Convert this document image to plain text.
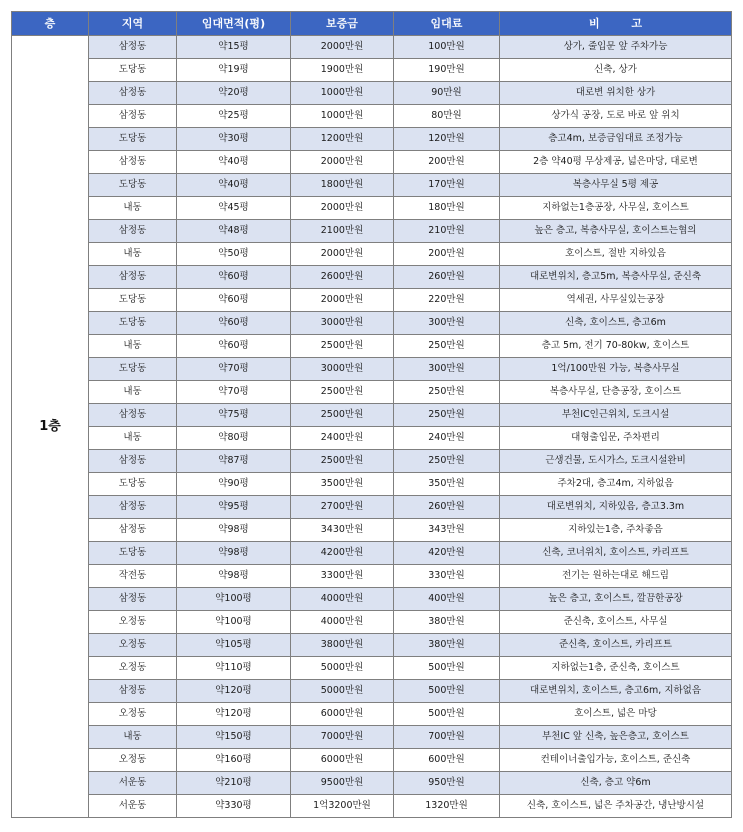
층	지역	임대면적(평)	보증금	임대료	비 고
1층	삼정동	약15평	2000만원	100만원	상가, 줄입문 앞 주차가능
	도당동	약19평	1900만원	190만원	신축, 상가
	삼정동	약20평	1000만원	90만원	대로변 위치한 상가
	삼정동	약25평	1000만원	80만원	상가식 공장, 도로 바로 앞 위치
	도당동	약30평	1200만원	120만원	층고4m, 보증금임대료 조정가능
	삼정동	약40평	2000만원	200만원	2층 약40평 무상제공, 넓은마당, 대로변
	도당동	약40평	1800만원	170만원	복층사무실 5평 제공
	내동	약45평	2000만원	180만원	지하없는1층공장, 사무실, 호이스트
	삼정동	약48평	2100만원	210만원	높은 층고, 복층사무실, 호이스트는협의
	내동	약50평	2000만원	200만원	호이스트, 절반 지하있음
	삼정동	약60평	2600만원	260만원	대로변위치, 층고5m, 복층사무실, 준신축
	도당동	약60평	2000만원	220만원	역세권, 사무실있는공장
	도당동	약60평	3000만원	300만원	신축, 호이스트, 층고6m
	내동	약60평	2500만원	250만원	층고 5m, 전기 70-80kw, 호이스트
	도당동	약70평	3000만원	300만원	1억/100만원 가능, 복층사무실
	내동	약70평	2500만원	250만원	복층사무실, 단층공장, 호이스트
	삼정동	약75평	2500만원	250만원	부천IC인근위치, 도크시설
	내동	약80평	2400만원	240만원	대형출입문, 주차편리
	삼정동	약87평	2500만원	250만원	근생건물, 도시가스, 도크시설완비
	도당동	약90평	3500만원	350만원	주차2대, 층고4m, 지하없음
	삼정동	약95평	2700만원	260만원	대로변위치, 지하있음, 층고3.3m
	삼정동	약98평	3430만원	343만원	지하있는1층, 주차좋음
	도당동	약98평	4200만원	420만원	신축, 코너위치, 호이스트, 카리프트
	작전동	약98평	3300만원	330만원	전기는 원하는대로 해드림
	삼정동	약100평	4000만원	400만원	높은 층고, 호이스트, 깔끔한공장
	오정동	약100평	4000만원	380만원	준신축, 호이스트, 사무실
	오정동	약105평	3800만원	380만원	준신축, 호이스트, 카리프트
	오정동	약110평	5000만원	500만원	지하없는1층, 준신축, 호이스트
	삼정동	약120평	5000만원	500만원	대로변위치, 호이스트, 층고6m, 지하없음
	오정동	약120평	6000만원	500만원	호이스트, 넓은 마당
	내동	약150평	7000만원	700만원	부천IC 앞 신축, 높은층고, 호이스트
	오정동	약160평	6000만원	600만원	컨테이너출입가능, 호이스트, 준신축
	서운동	약210평	9500만원	950만원	신축, 층고 약6m
	서운동	약330평	1억3200만원	1320만원	신축, 호이스트, 넓은 주차공간, 냉난방시설
